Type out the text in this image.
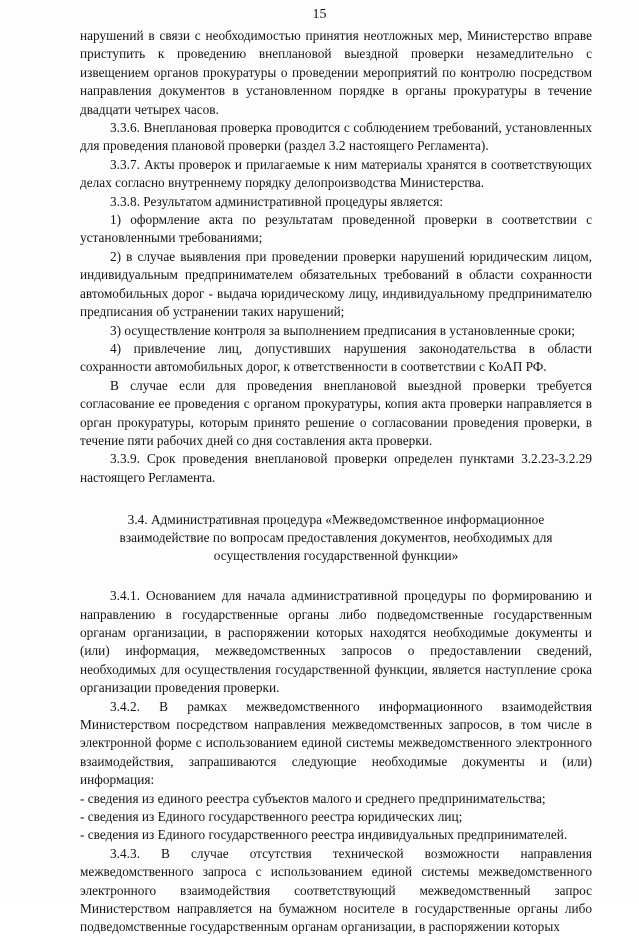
15

нарушений в связи с необходимостью принятия неотложных мер, Министерство вправе приступить к проведению внеплановой выездной проверки незамедлительно с извещением органов прокуратуры о проведении мероприятий по контролю посредством направления документов в установленном порядке в органы прокуратуры в течение двадцати четырех часов.

3.3.6. Внеплановая проверка проводится с соблюдением требований, установленных для проведения плановой проверки (раздел 3.2 настоящего Регламента).

3.3.7. Акты проверок и прилагаемые к ним материалы хранятся в соответствующих делах согласно внутреннему порядку делопроизводства Министерства.

3.3.8. Результатом административной процедуры является:

1) оформление акта по результатам проведенной проверки в соответствии с установленными требованиями;

2) в случае выявления при проведении проверки нарушений юридическим лицом, индивидуальным предпринимателем обязательных требований в области сохранности автомобильных дорог - выдача юридическому лицу, индивидуальному предпринимателю предписания об устранении таких нарушений;

3) осуществление контроля за выполнением предписания в установленные сроки;

4) привлечение лиц, допустивших нарушения законодательства в области сохранности автомобильных дорог, к ответственности в соответствии с КоАП РФ.

В случае если для проведения внеплановой выездной проверки требуется согласование ее проведения с органом прокуратуры, копия акта проверки направляется в орган прокуратуры, которым принято решение о согласовании проведения проверки, в течение пяти рабочих дней со дня составления акта проверки.

3.3.9. Срок проведения внеплановой проверки определен пунктами 3.2.23-3.2.29 настоящего Регламента.

3.4. Административная процедура «Межведомственное информационное
взаимодействие по вопросам предоставления документов, необходимых для
осуществления государственной функции»

3.4.1. Основанием для начала административной процедуры по формированию и направлению в государственные органы либо подведомственные государственным органам организации, в распоряжении которых находятся необходимые документы и (или) информация, межведомственных запросов о предоставлении сведений, необходимых для осуществления государственной функции, является наступление срока организации проведения проверки.

3.4.2. В рамках межведомственного информационного взаимодействия Министерством посредством направления межведомственных запросов, в том числе в электронной форме с использованием единой системы межведомственного электронного взаимодействия, запрашиваются следующие необходимые документы и (или) информация:

- сведения из единого реестра субъектов малого и среднего предпринимательства;

- сведения из Единого государственного реестра юридических лиц;

- сведения из Единого государственного реестра индивидуальных предпринимателей.

3.4.3. В случае отсутствия технической возможности направления межведомственного запроса с использованием единой системы межведомственного электронного взаимодействия соответствующий межведомственный запрос Министерством направляется на бумажном носителе в государственные органы либо подведомственные государственным органам организации, в распоряжении которых
